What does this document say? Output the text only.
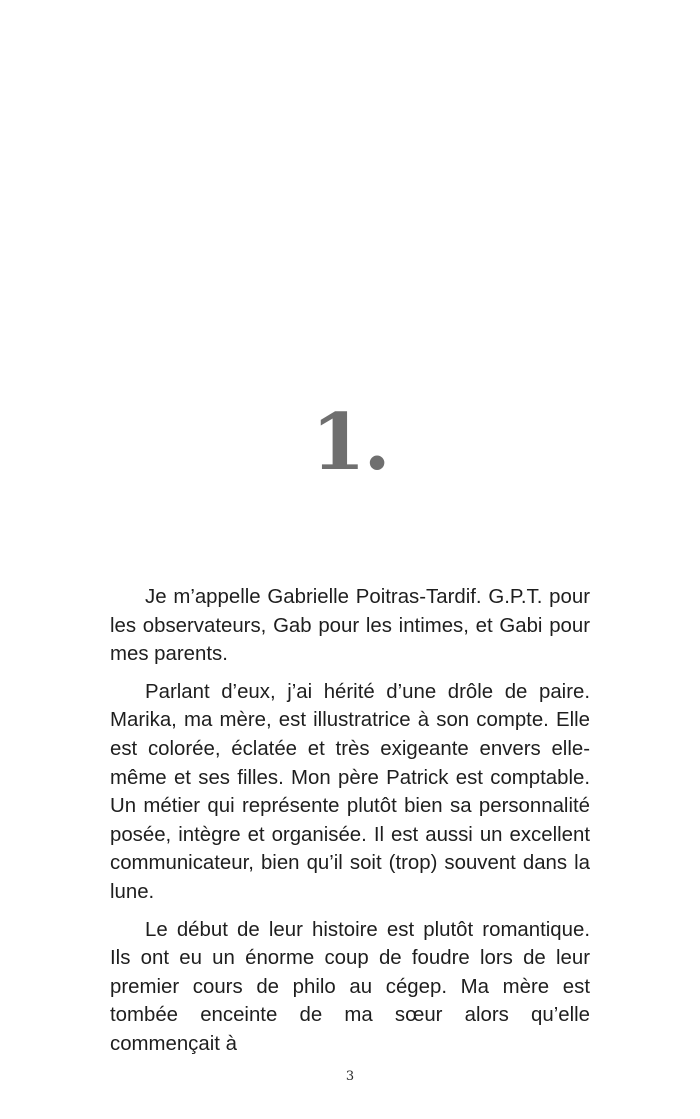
1.

Je m’appelle Gabrielle Poitras-Tardif. G.P.T. pour les observateurs, Gab pour les intimes, et Gabi pour mes parents.

Parlant d’eux, j’ai hérité d’une drôle de paire. Marika, ma mère, est illustratrice à son compte. Elle est colorée, éclatée et très exigeante envers elle-même et ses filles. Mon père Patrick est comptable. Un métier qui représente plutôt bien sa personnalité posée, intègre et organisée. Il est aussi un excellent communicateur, bien qu’il soit (trop) souvent dans la lune.

Le début de leur histoire est plutôt romantique. Ils ont eu un énorme coup de foudre lors de leur premier cours de philo au cégep. Ma mère est tombée enceinte de ma sœur alors qu’elle commençait à

3
